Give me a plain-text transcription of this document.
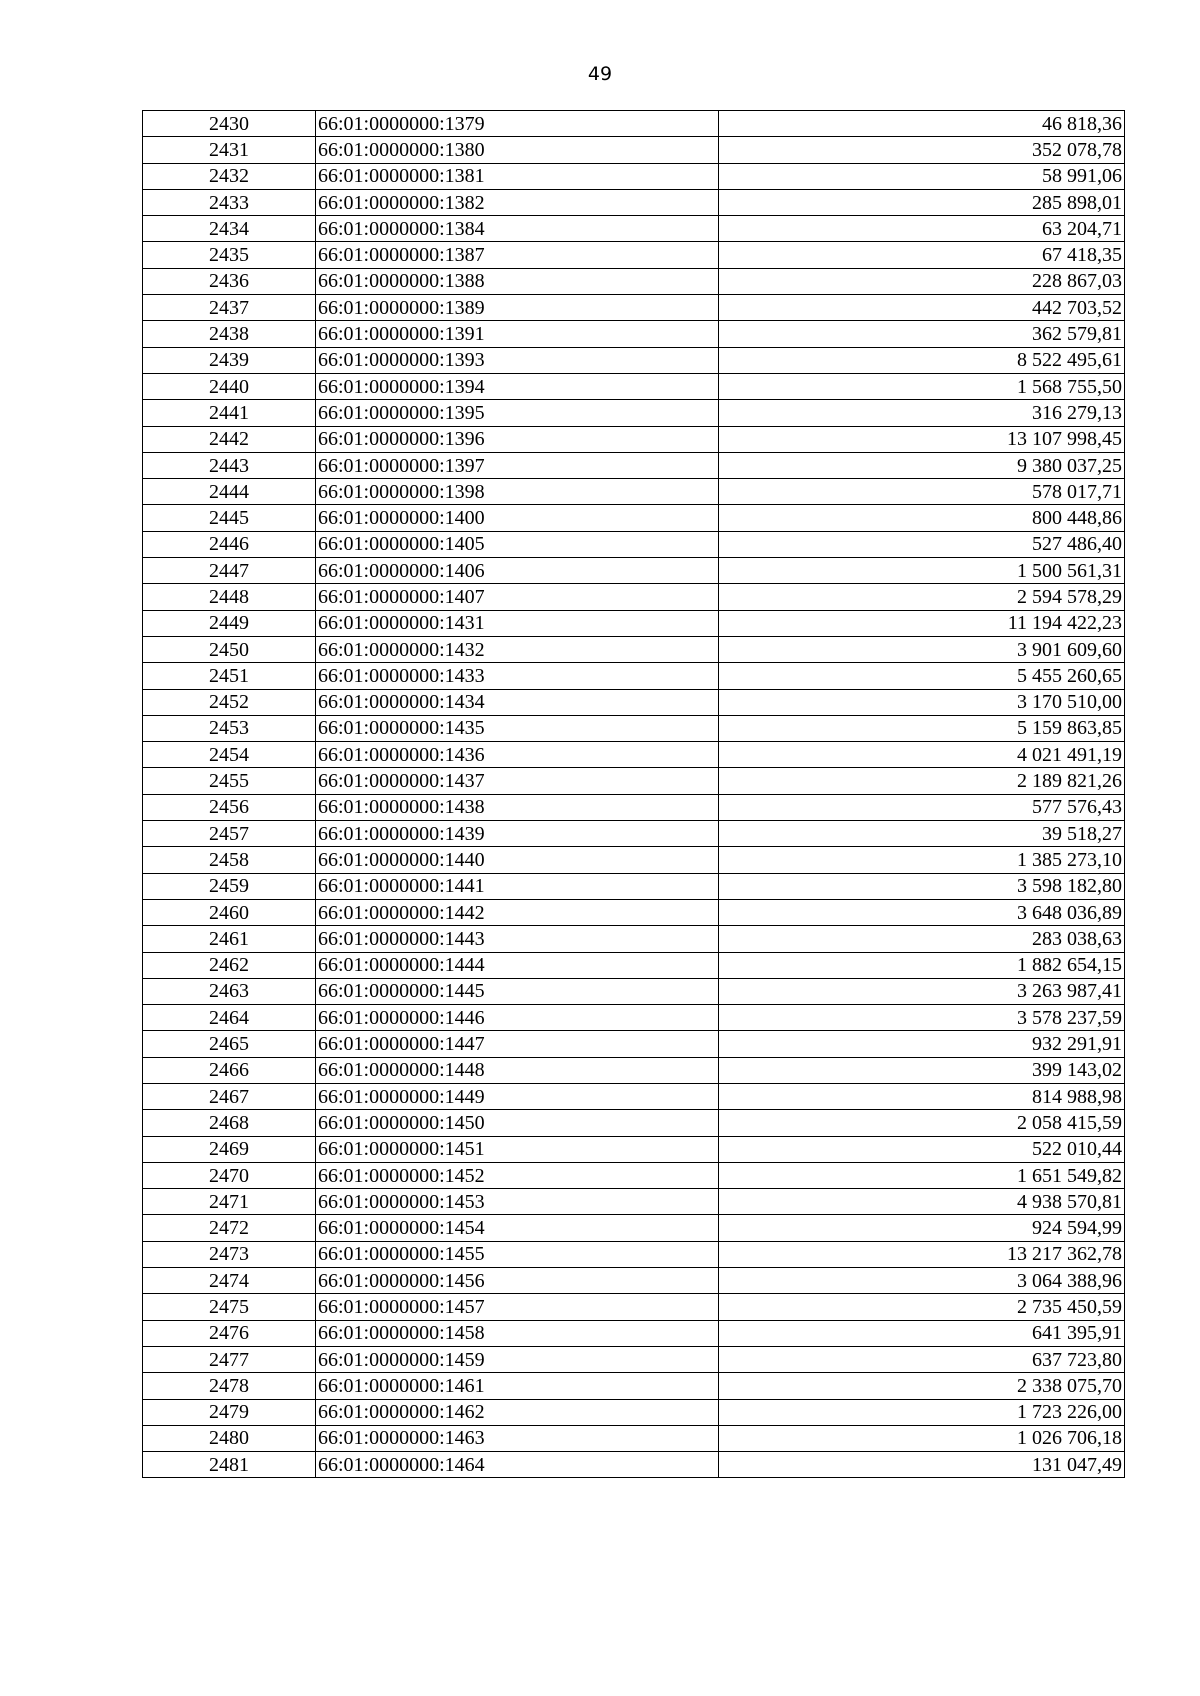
49
2430	66:01:0000000:1379	46 818,36
2431	66:01:0000000:1380	352 078,78
2432	66:01:0000000:1381	58 991,06
2433	66:01:0000000:1382	285 898,01
2434	66:01:0000000:1384	63 204,71
2435	66:01:0000000:1387	67 418,35
2436	66:01:0000000:1388	228 867,03
2437	66:01:0000000:1389	442 703,52
2438	66:01:0000000:1391	362 579,81
2439	66:01:0000000:1393	8 522 495,61
2440	66:01:0000000:1394	1 568 755,50
2441	66:01:0000000:1395	316 279,13
2442	66:01:0000000:1396	13 107 998,45
2443	66:01:0000000:1397	9 380 037,25
2444	66:01:0000000:1398	578 017,71
2445	66:01:0000000:1400	800 448,86
2446	66:01:0000000:1405	527 486,40
2447	66:01:0000000:1406	1 500 561,31
2448	66:01:0000000:1407	2 594 578,29
2449	66:01:0000000:1431	11 194 422,23
2450	66:01:0000000:1432	3 901 609,60
2451	66:01:0000000:1433	5 455 260,65
2452	66:01:0000000:1434	3 170 510,00
2453	66:01:0000000:1435	5 159 863,85
2454	66:01:0000000:1436	4 021 491,19
2455	66:01:0000000:1437	2 189 821,26
2456	66:01:0000000:1438	577 576,43
2457	66:01:0000000:1439	39 518,27
2458	66:01:0000000:1440	1 385 273,10
2459	66:01:0000000:1441	3 598 182,80
2460	66:01:0000000:1442	3 648 036,89
2461	66:01:0000000:1443	283 038,63
2462	66:01:0000000:1444	1 882 654,15
2463	66:01:0000000:1445	3 263 987,41
2464	66:01:0000000:1446	3 578 237,59
2465	66:01:0000000:1447	932 291,91
2466	66:01:0000000:1448	399 143,02
2467	66:01:0000000:1449	814 988,98
2468	66:01:0000000:1450	2 058 415,59
2469	66:01:0000000:1451	522 010,44
2470	66:01:0000000:1452	1 651 549,82
2471	66:01:0000000:1453	4 938 570,81
2472	66:01:0000000:1454	924 594,99
2473	66:01:0000000:1455	13 217 362,78
2474	66:01:0000000:1456	3 064 388,96
2475	66:01:0000000:1457	2 735 450,59
2476	66:01:0000000:1458	641 395,91
2477	66:01:0000000:1459	637 723,80
2478	66:01:0000000:1461	2 338 075,70
2479	66:01:0000000:1462	1 723 226,00
2480	66:01:0000000:1463	1 026 706,18
2481	66:01:0000000:1464	131 047,49
